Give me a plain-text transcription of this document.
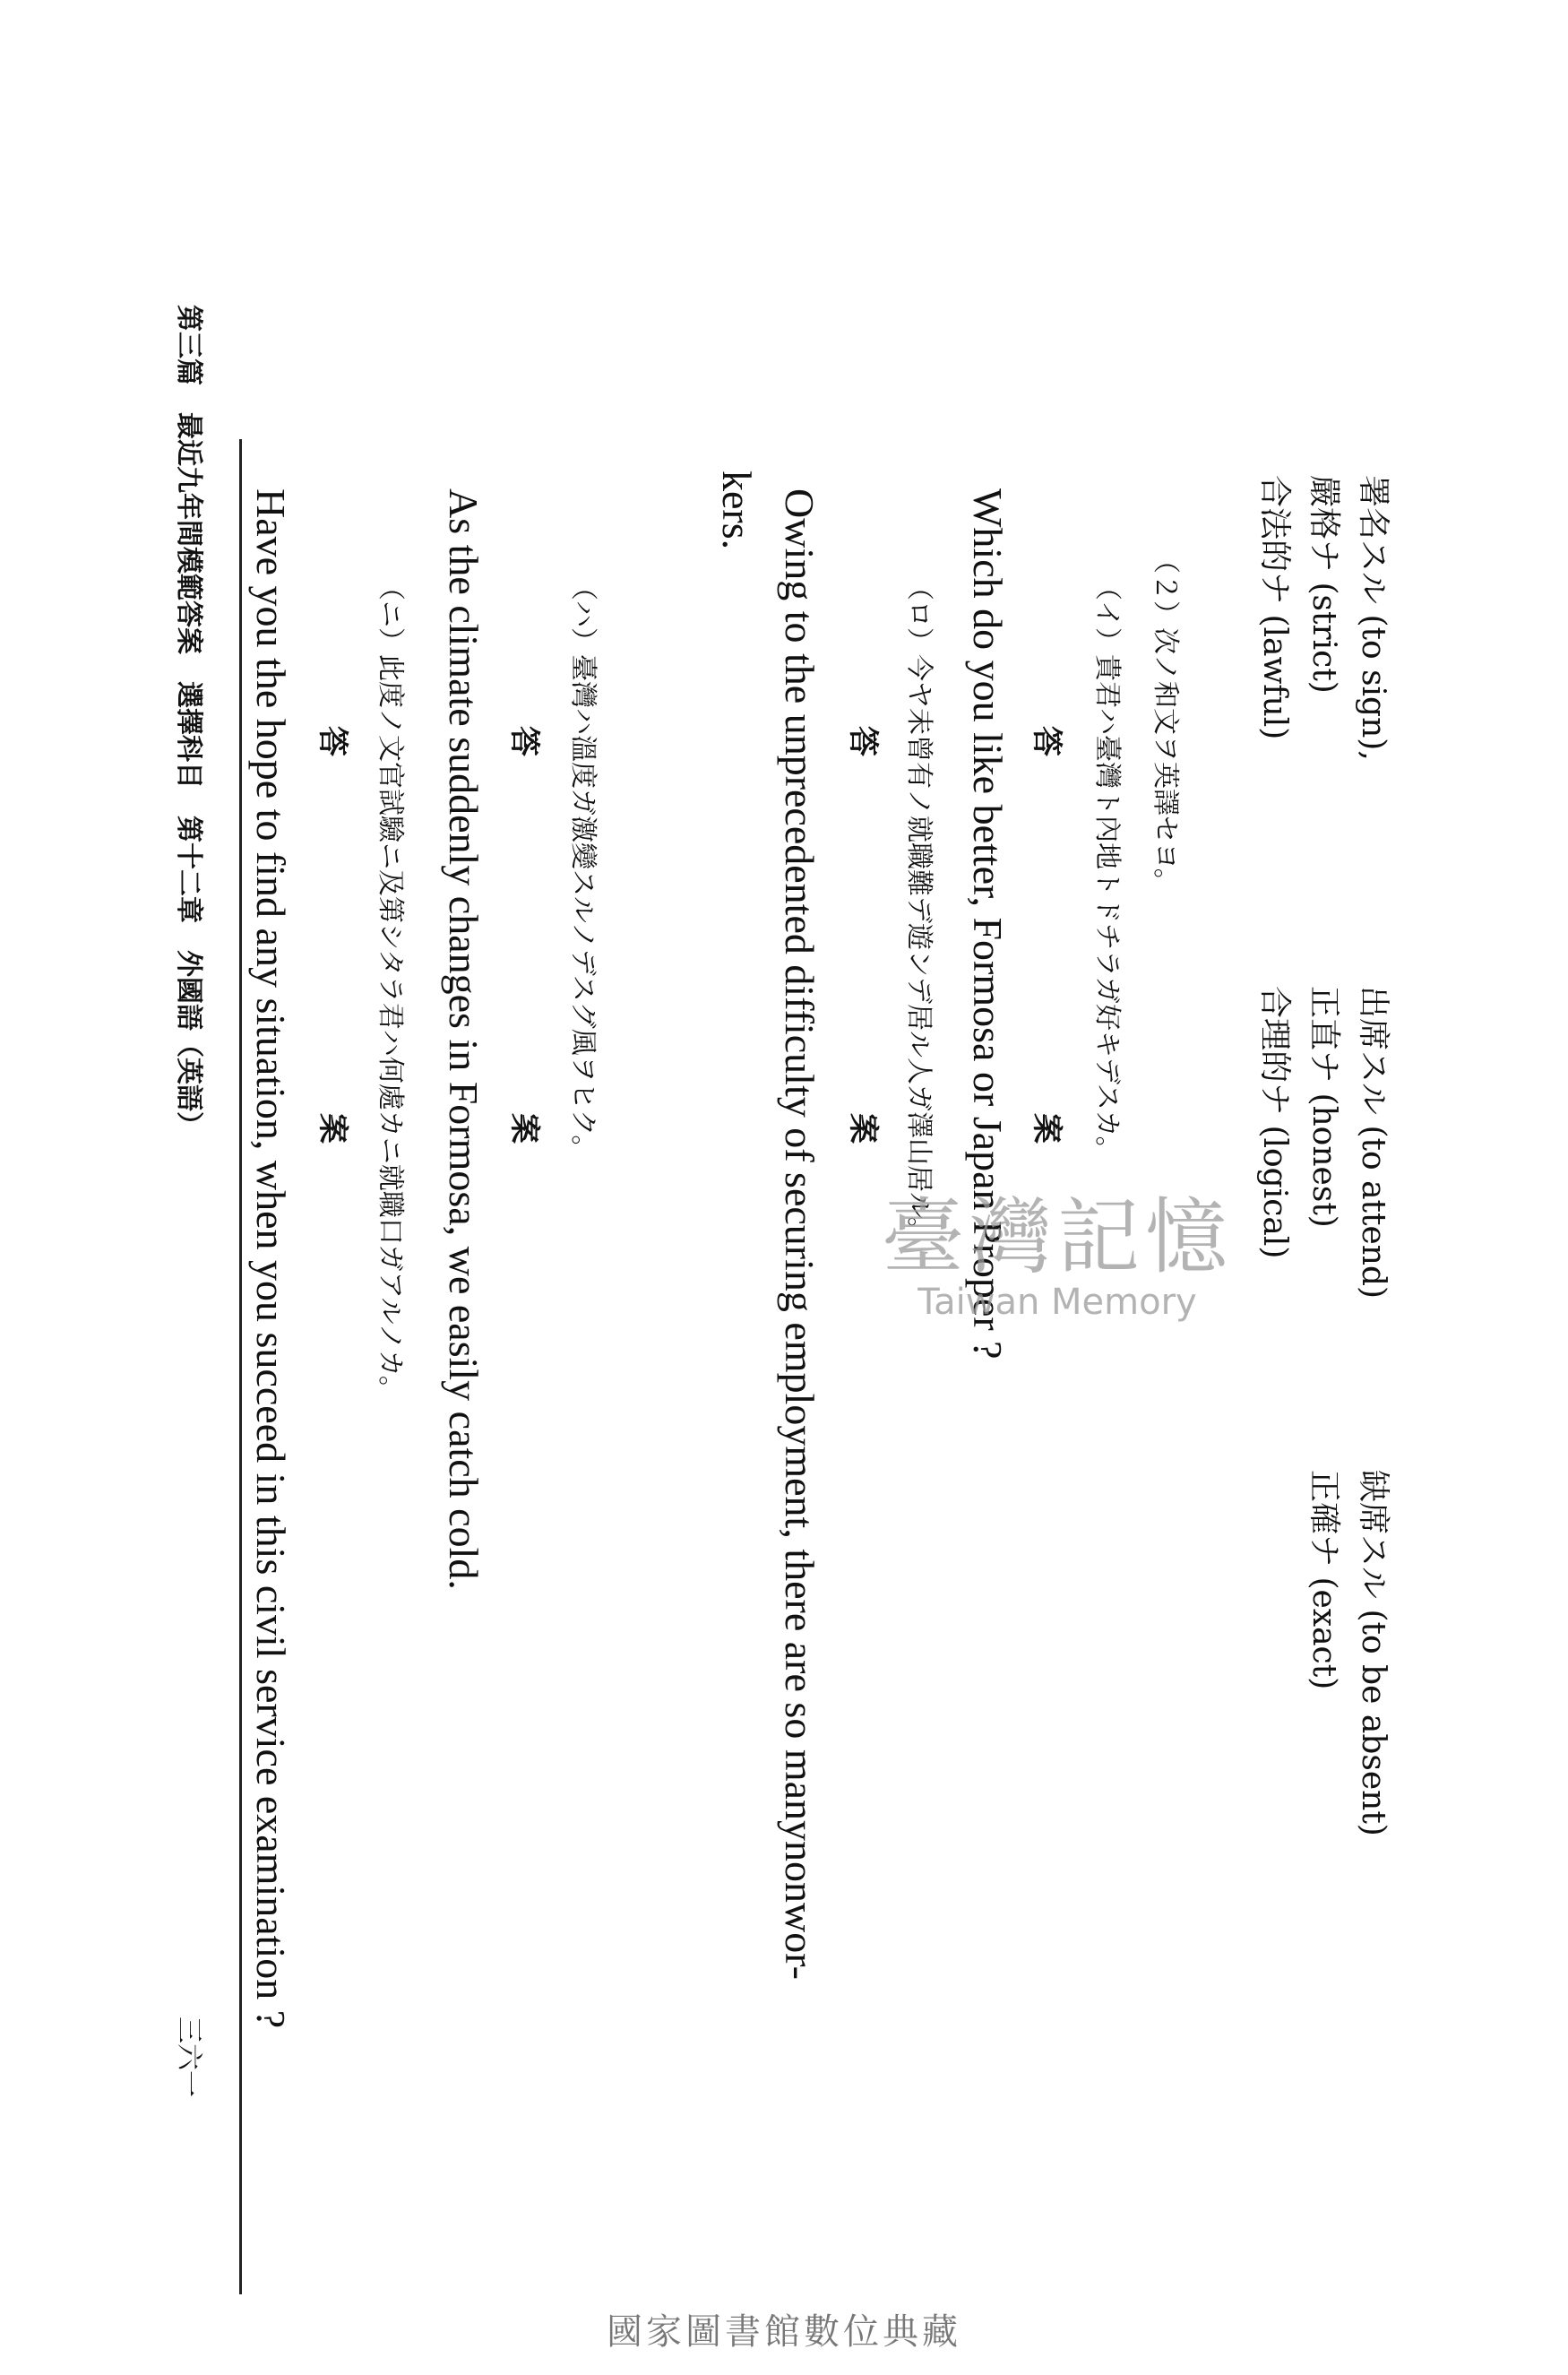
署名スル (to sign),
出席スル (to attend)
缺席スル (to be absent)
嚴格ナ (strict)
正直ナ (honest)
正確ナ (exact)
合法的ナ (lawful)
合理的ナ (logical)
（２）次ノ和文ヲ英譯セヨ。
（イ）貴君ハ臺灣ト內地トドチラガ好キデスカ。
答　　案
Which do you like better, Formosa or Japan Proper ?
（ロ）今ヤ未曾有ノ就職難デ遊ンデ居ル人ガ澤山居ル。
答　　案
Owing to the unprecedented difficulty of securing employment, there are so manynonwor-
kers.
（ハ）臺灣ハ溫度ガ激變スルノデスグ風ヲヒク。
答　　案
As the climate suddenly changes in Formosa, we easily catch cold.
（ニ）此度ノ文官試驗ニ及第シタラ君ハ何處カニ就職口ガアルノカ。
答　　案
Have you the hope to find any situation, when you succeed in this civil service examination ?
第三篇　最近九年間模範答案　選擇科目　第十二章　外國語（英語）
三六一
臺灣記憶
Taiwan Memory
國家圖書館數位典藏
